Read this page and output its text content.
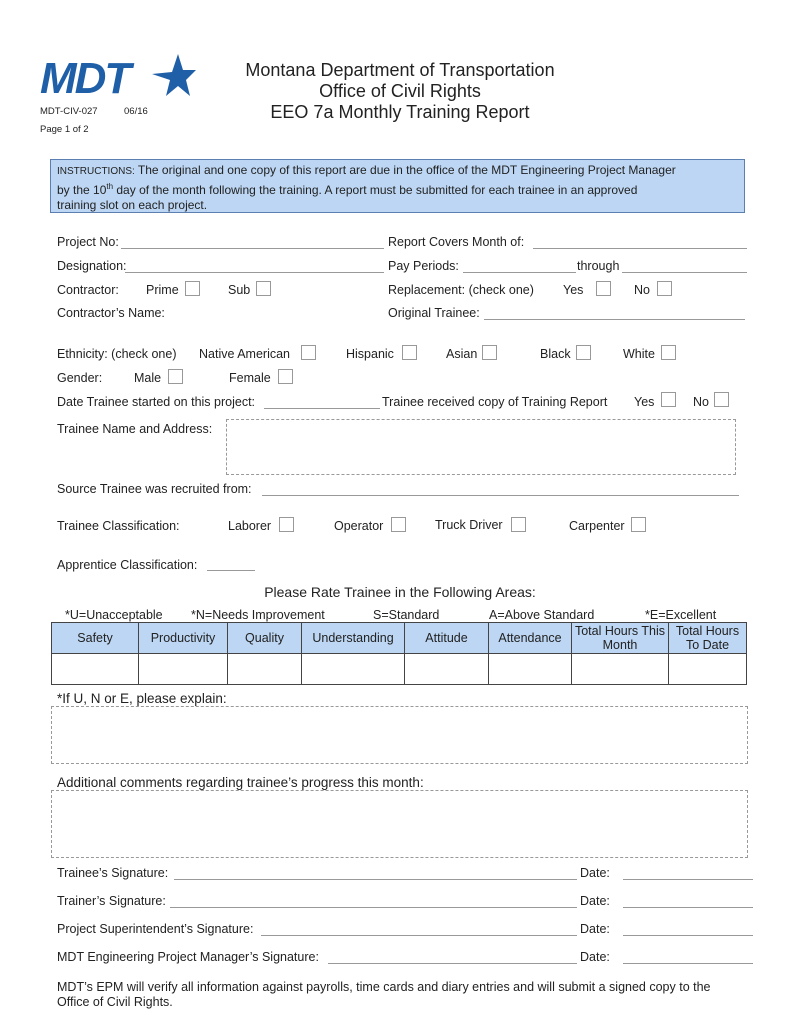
MDT
MDT-CIV-027	06/16
Page 1 of 2
Montana Department of Transportation
Office of Civil Rights
EEO 7a Monthly Training Report
INSTRUCTIONS: The original and one copy of this report are due in the office of the MDT Engineering Project Manager
by the 10th day of the month following the training. A report must be submitted for each trainee in an approved
training slot on each project.
Project No:	Report Covers Month of:
Designation:	Pay Periods:	through
Contractor: Prime	Sub	Replacement: (check one) Yes	No
Contractor’s Name:	Original Trainee:
Ethnicity: (check one) Native American	Hispanic	Asian	Black	White
Gender:	Male	Female
Date Trainee started on this project:	Trainee received copy of Training Report Yes	No
Trainee Name and Address:
Source Trainee was recruited from:
Trainee Classification:	Laborer	Operator	Truck Driver	Carpenter
Apprentice Classification:
Please Rate Trainee in the Following Areas:
*U=Unacceptable *N=Needs Improvement	S=Standard	A=Above Standard	*E=Excellent
Safety	Productivity	Quality	Understanding	Attitude	Attendance	Total Hours This Month	Total Hours To Date

*If U, N or E, please explain:
Additional comments regarding trainee’s progress this month:
Trainee’s Signature:	Date:
Trainer’s Signature:	Date:
Project Superintendent’s Signature:	Date:
MDT Engineering Project Manager’s Signature:	Date:
MDT’s EPM will verify all information against payrolls, time cards and diary entries and will submit a signed copy to the
Office of Civil Rights.
